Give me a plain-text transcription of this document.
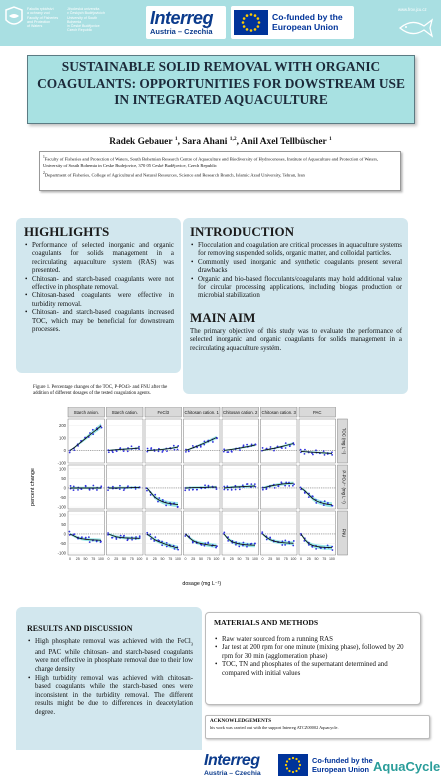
Fakulta rybářství
a ochrany vod
Faculty of Fisheries
and Protection
of Waters
Jihočeská univerzita
v Českých Budějovicích
University of South Bohemia
in České Budějovice
Czech Republic
Interreg
Austria – Czechia
Co-funded by the
European Union
www.frov.jcu.cz
SUSTAINABLE SOLID REMOVAL WITH ORGANIC COAGULANTS: OPPORTUNITIES FOR DOWSTREAM USE IN INTEGRATED AQUACULTURE
Radek Gebauer $^1$, Sara Ahani $^{1,2}$, Anil Axel Tellbüscher $^1$
$^1$Faculty of Fisheries and Protection of Waters, South Bohemian Research Centre of Aquaculture and Biodiversity of Hydrocenoses, Institute of Aquaculture and Protection of Waters, University of South Bohemia in Ceske Budejovice, 370 05 Ceské Budějovice, Czech Republic
$^2$Department of Fisheries, College of Agricultural and Natural Resources, Science and Research Branch, Islamic Azad University, Tehran, Iran
HIGHLIGHTS
• Performance of selected inorganic and organic coagulants for solids management in a recirculating aquaculture system (RAS) was presented.
• Chitosan- and starch-based coagulants were not effective in phosphate removal.
• Chitosan-based coagulants were effective in turbidity removal.
• Chitosan- and starch-based coagulants increased TOC, which may be beneficial for downstream processes.
INTRODUCTION
• Flocculation and coagulation are critical processes in aquaculture systems for removing suspended solids, organic matter, and colloidal particles.
• Commonly used inorganic and synthetic coagulants present several drawbacks
• Organic and bio-based flocculants/coagulants may hold additional value for circular processing applications, including biogas production or microbial stabilization
MAIN AIM

The primary objective of this study was to evaluate the performance of selected inorganic and organic coagulants for solids management in a recirculating aquaculture systém.

Figure 1. Percentage changes of the TOC, P-PO43- and FNU after the addition of different dosages of the tested coagulation agents.
Starch anion.	Starch cation.	FeCl3	Chitosan cation. 1 Chitosan cation. 2 Chitosan cation. 3	PAC
percent change
TOC (mg L⁻¹)
-100
0
100
200
P-PO₄³⁻ (mg L⁻¹)
-100
-50
0
50
100
FNU
-100
-50
0
50
100
0 25 50 75 100 0 25 50 75 100 0 25 50 75 100 0 25 50 75 100 0 25 50 75 100 0 25 50 75 100 0 25 50 75 100
dosage (mg L⁻¹)
RESULTS AND DISCUSSION
• High phosphate removal was achieved with the FeCl$_3$ and PAC while chitosan- and starch-based coagulants were not effective in phosphate removal due to their low charge density
• High turbidity removal was achieved with chitosan-based coagulants while the starch-based ones were inconsistent in the turbidity removal. The different results might be due to differences in deacetylation degree.
MATERIALS AND METHODS
• Raw water sourced from a running RAS
• Jar test at 200 rpm for one minute (mixing phase), followed by 20 rpm for 30 min (agglomeration phase)
• TOC, TN and phosphates of the supernatant determined and compared with initial values
ACKNOWLEDGEMENTS
his work was carried out with the support Interreg ATCZ00002 Aquacycle.
Interreg
Austria – Czechia
Co-funded by the
European Union AquaCycle
